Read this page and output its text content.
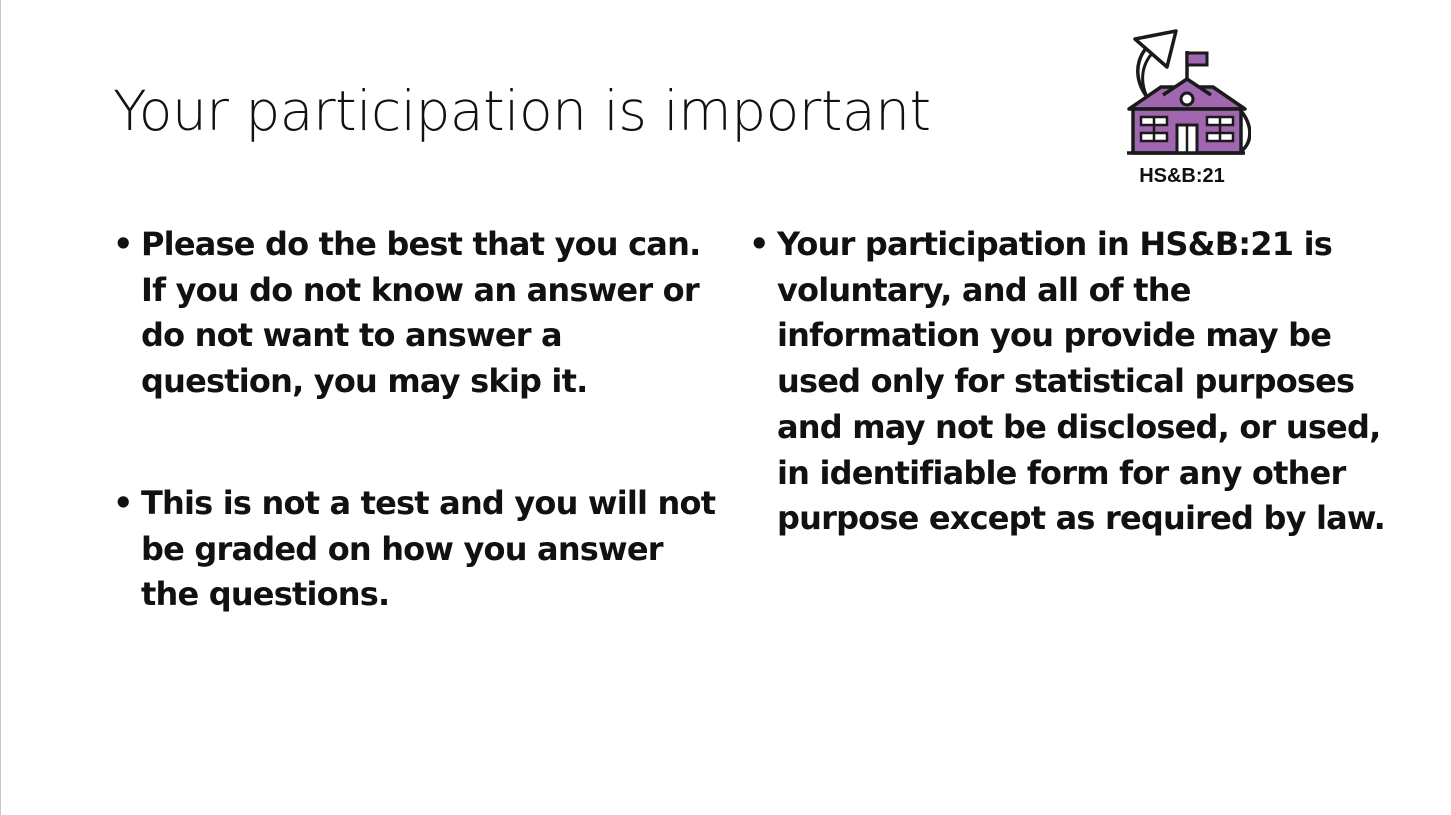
Your participation is important
HS&B:21
• Please do the best that you can. If you do not know an answer or do not want to answer a question, you may skip it.
• This is not a test and you will not be graded on how you answer the questions.
• Your participation in HS&B:21 is voluntary, and all of the information you provide may be used only for statistical purposes and may not be disclosed, or used, in identifiable form for any other purpose except as required by law.
